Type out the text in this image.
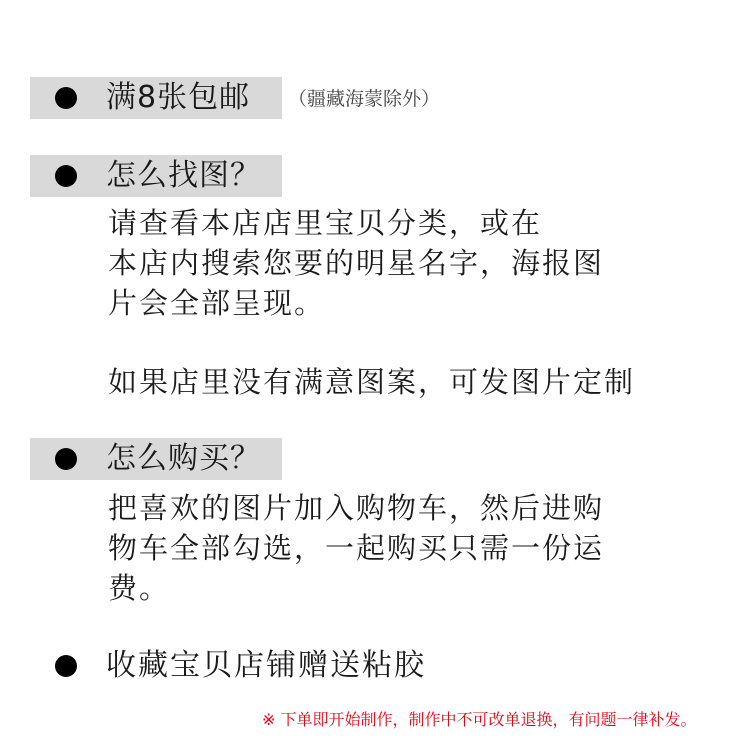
满8张包邮 （疆藏海蒙除外）
怎么找图？
请查看本店店里宝贝分类，或在
本店内搜索您要的明星名字，海报图
片会全部呈现。
如果店里没有满意图案，可发图片定制
怎么购买？
把喜欢的图片加入购物车，然后进购
物车全部勾选，一起购买只需一份运
费。
收藏宝贝店铺赠送粘胶
※ 下单即开始制作，制作中不可改单退换，有问题一律补发。
